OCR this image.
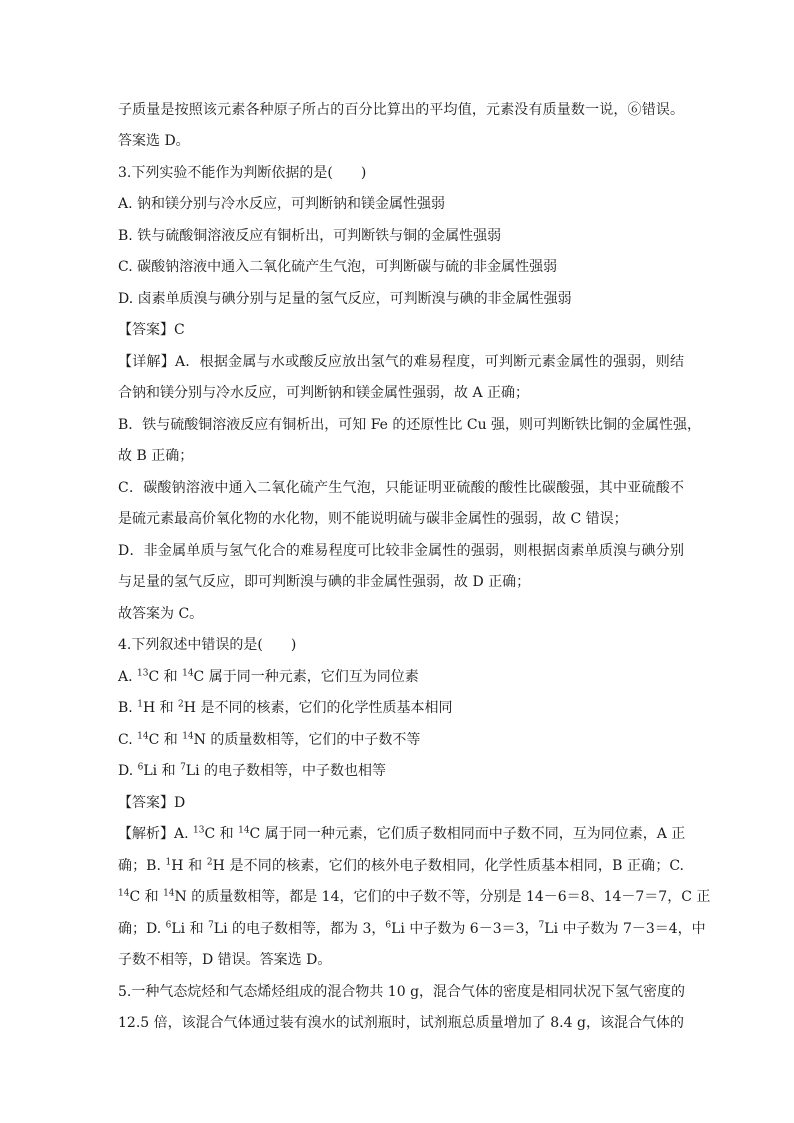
子质量是按照该元素各种原子所占的百分比算出的平均值，元素没有质量数一说，⑥错误。
答案选 D。
3.下列实验不能作为判断依据的是(　　)
A. 钠和镁分别与冷水反应，可判断钠和镁金属性强弱
B. 铁与硫酸铜溶液反应有铜析出，可判断铁与铜的金属性强弱
C. 碳酸钠溶液中通入二氧化硫产生气泡，可判断碳与硫的非金属性强弱
D. 卤素单质溴与碘分别与足量的氢气反应，可判断溴与碘的非金属性强弱
【答案】C
【详解】A．根据金属与水或酸反应放出氢气的难易程度，可判断元素金属性的强弱，则结
合钠和镁分别与冷水反应，可判断钠和镁金属性强弱，故 A 正确；
B．铁与硫酸铜溶液反应有铜析出，可知 Fe 的还原性比 Cu 强，则可判断铁比铜的金属性强，
故 B 正确；
C．碳酸钠溶液中通入二氧化硫产生气泡，只能证明亚硫酸的酸性比碳酸强，其中亚硫酸不
是硫元素最高价氧化物的水化物，则不能说明硫与碳非金属性的强弱，故 C 错误；
D．非金属单质与氢气化合的难易程度可比较非金属性的强弱，则根据卤素单质溴与碘分别
与足量的氢气反应，即可判断溴与碘的非金属性强弱，故 D 正确；
故答案为 C。
4.下列叙述中错误的是(　　)
A. $^{13}$C 和 $^{14}$C 属于同一种元素，它们互为同位素
B. $^1$H 和 $^2$H 是不同的核素，它们的化学性质基本相同
C. $^{14}$C 和 $^{14}$N 的质量数相等，它们的中子数不等
D. $^6$Li 和 $^7$Li 的电子数相等，中子数也相等
【答案】D
【解析】A. $^{13}$C 和 $^{14}$C 属于同一种元素，它们质子数相同而中子数不同，互为同位素，A 正
确；B. $^1$H 和 $^2$H 是不同的核素，它们的核外电子数相同，化学性质基本相同，B 正确；C.
$^{14}$C 和 $^{14}$N 的质量数相等，都是 14，它们的中子数不等，分别是 14－6＝8、14－7＝7，C 正
确；D. $^6$Li 和 $^7$Li 的电子数相等，都为 3，$^6$Li 中子数为 6－3＝3，$^7$Li 中子数为 7－3＝4，中
子数不相等，D 错误。答案选 D。
5.一种气态烷烃和气态烯烃组成的混合物共 10 g，混合气体的密度是相同状况下氢气密度的
12.5 倍，该混合气体通过装有溴水的试剂瓶时，试剂瓶总质量增加了 8.4 g，该混合气体的
